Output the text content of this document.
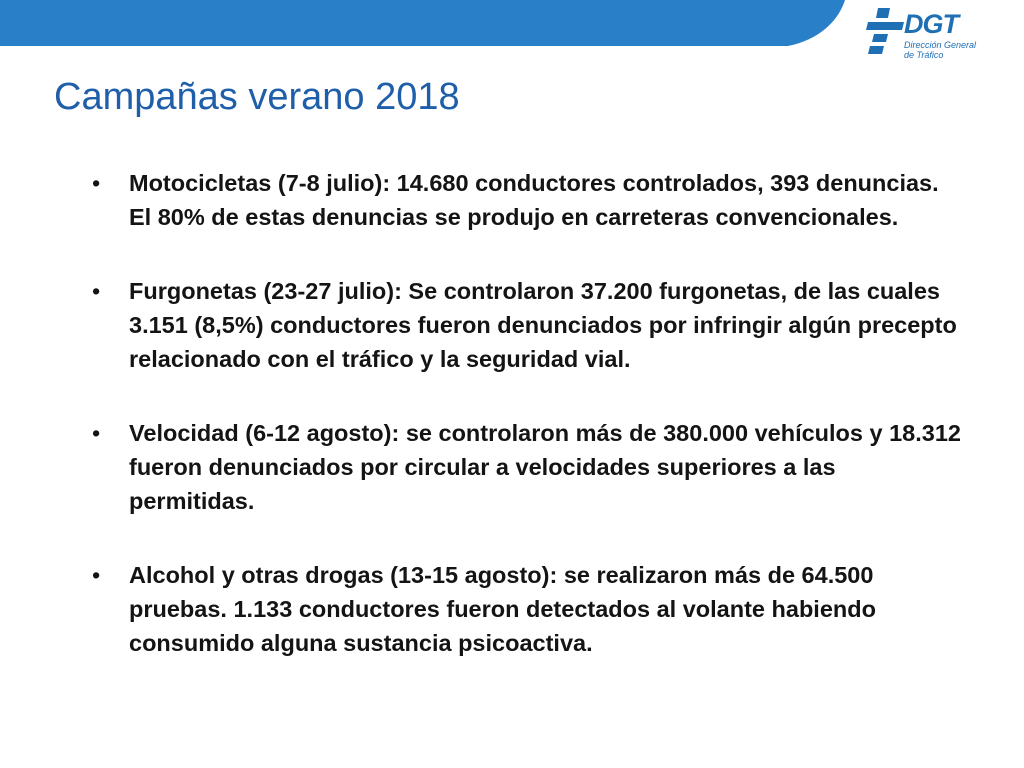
DGT
Dirección General
de Tráfico
Campañas verano 2018
• Motocicletas (7-8 julio): 14.680 conductores controlados, 393 denuncias. El 80% de estas denuncias se produjo en carreteras convencionales.
• Furgonetas (23-27 julio): Se controlaron 37.200 furgonetas, de las cuales 3.151 (8,5%) conductores fueron denunciados por infringir algún precepto relacionado con el tráfico y la seguridad vial.
• Velocidad (6-12 agosto): se controlaron más de 380.000 vehículos y 18.312 fueron denunciados por circular a velocidades superiores a las permitidas.
• Alcohol y otras drogas (13-15 agosto): se realizaron más de 64.500 pruebas. 1.133 conductores fueron detectados al volante habiendo consumido alguna sustancia psicoactiva.
